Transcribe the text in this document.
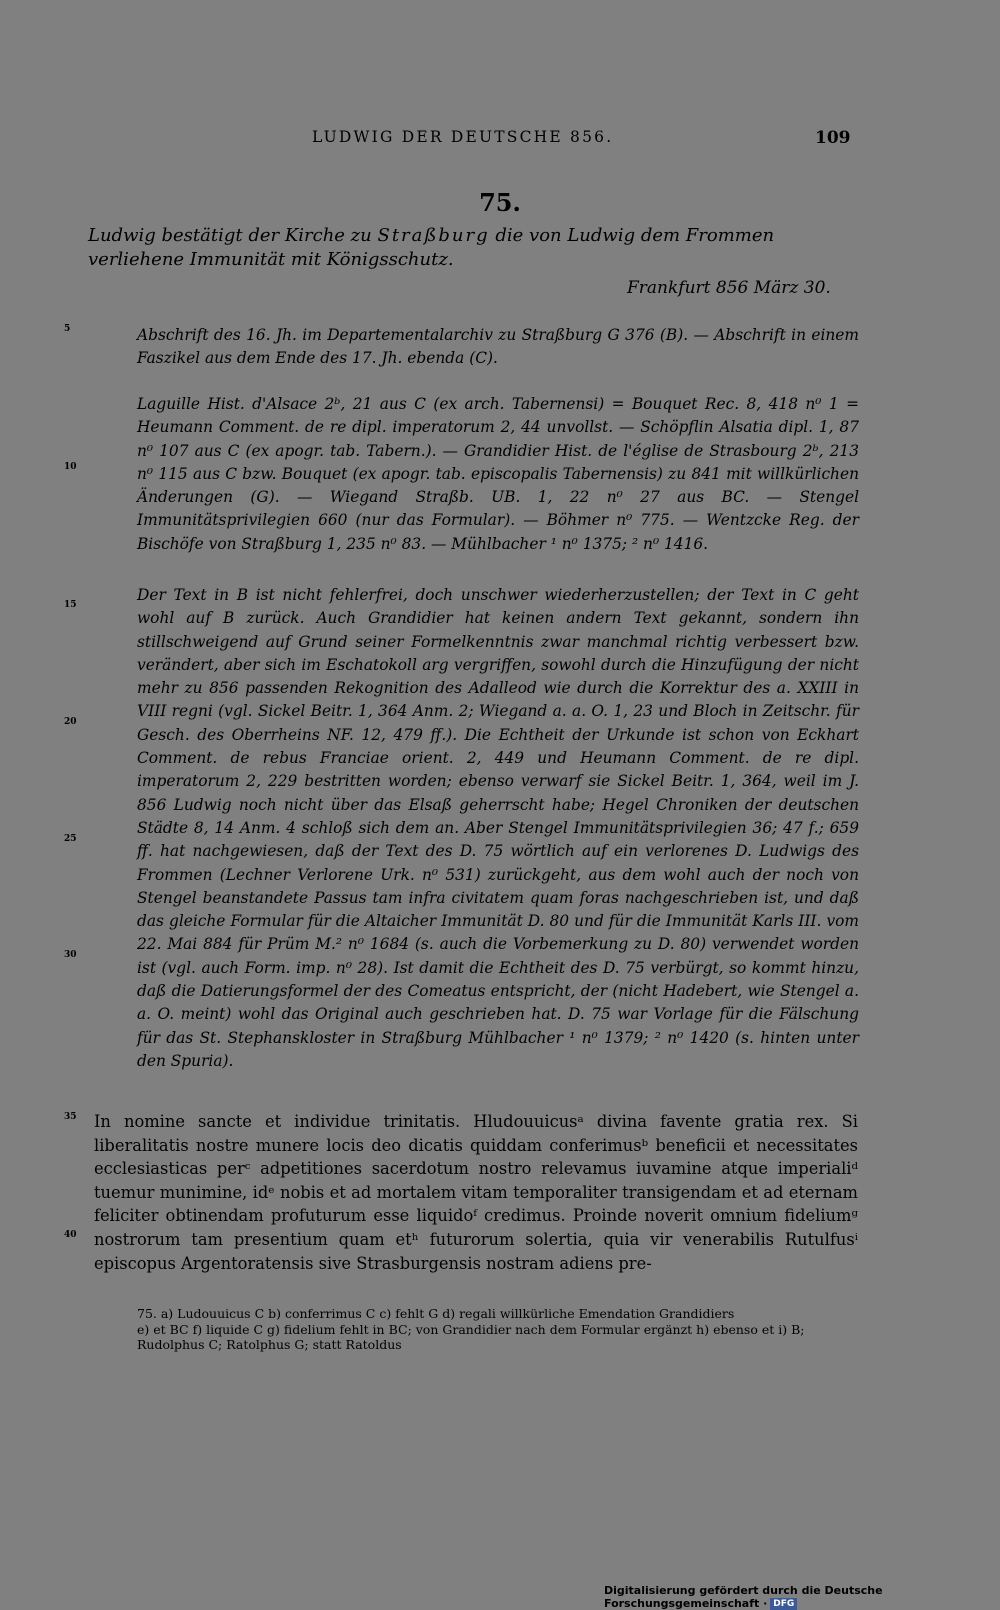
LUDWIG DER DEUTSCHE 856.	109
75.
Ludwig bestätigt der Kirche zu Straßburg die von Ludwig dem Frommen verliehene Immunität mit Königsschutz.
Frankfurt 856 März 30.
5
10
15
20
25
30
35
40

Abschrift des 16. Jh. im Departementalarchiv zu Straßburg G 376 (B). — Abschrift in einem Faszikel aus dem Ende des 17. Jh. ebenda (C).

Laguille Hist. d'Alsace 2ᵇ, 21 aus C (ex arch. Tabernensi) = Bouquet Rec. 8, 418 n⁰ 1 = Heumann Comment. de re dipl. imperatorum 2, 44 unvollst. — Schöpflin Alsatia dipl. 1, 87 n⁰ 107 aus C (ex apogr. tab. Tabern.). — Grandidier Hist. de l'église de Strasbourg 2ᵇ, 213 n⁰ 115 aus C bzw. Bouquet (ex apogr. tab. episcopalis Tabernensis) zu 841 mit willkürlichen Änderungen (G). — Wiegand Straßb. UB. 1, 22 n⁰ 27 aus BC. — Stengel Immunitätsprivilegien 660 (nur das Formular). — Böhmer n⁰ 775. — Wentzcke Reg. der Bischöfe von Straßburg 1, 235 n⁰ 83. — Mühlbacher ¹ n⁰ 1375; ² n⁰ 1416.

Der Text in B ist nicht fehlerfrei, doch unschwer wiederherzustellen; der Text in C geht wohl auf B zurück. Auch Grandidier hat keinen andern Text gekannt, sondern ihn stillschweigend auf Grund seiner Formelkenntnis zwar manchmal richtig verbessert bzw. verändert, aber sich im Eschatokoll arg vergriffen, sowohl durch die Hinzufügung der nicht mehr zu 856 passenden Rekognition des Adalleod wie durch die Korrektur des a. XXIII in VIII regni (vgl. Sickel Beitr. 1, 364 Anm. 2; Wiegand a. a. O. 1, 23 und Bloch in Zeitschr. für Gesch. des Oberrheins NF. 12, 479 ff.). Die Echtheit der Urkunde ist schon von Eckhart Comment. de rebus Franciae orient. 2, 449 und Heumann Comment. de re dipl. imperatorum 2, 229 bestritten worden; ebenso verwarf sie Sickel Beitr. 1, 364, weil im J. 856 Ludwig noch nicht über das Elsaß geherrscht habe; Hegel Chroniken der deutschen Städte 8, 14 Anm. 4 schloß sich dem an. Aber Stengel Immunitätsprivilegien 36; 47 f.; 659 ff. hat nachgewiesen, daß der Text des D. 75 wörtlich auf ein verlorenes D. Ludwigs des Frommen (Lechner Verlorene Urk. n⁰ 531) zurückgeht, aus dem wohl auch der noch von Stengel beanstandete Passus tam infra civitatem quam foras nachgeschrieben ist, und daß das gleiche Formular für die Altaicher Immunität D. 80 und für die Immunität Karls III. vom 22. Mai 884 für Prüm M.² n⁰ 1684 (s. auch die Vorbemerkung zu D. 80) verwendet worden ist (vgl. auch Form. imp. n⁰ 28). Ist damit die Echtheit des D. 75 verbürgt, so kommt hinzu, daß die Datierungsformel der des Comeatus entspricht, der (nicht Hadebert, wie Stengel a. a. O. meint) wohl das Original auch geschrieben hat. D. 75 war Vorlage für die Fälschung für das St. Stephanskloster in Straßburg Mühlbacher ¹ n⁰ 1379; ² n⁰ 1420 (s. hinten unter den Spuria).

In nomine sancte et individue trinitatis. Hludouuicusᵃ divina favente gratia rex. Si liberalitatis nostre munere locis deo dicatis quiddam conferimusᵇ beneficii et necessitates ecclesiasticas perᶜ adpetitiones sacerdotum nostro relevamus iuvamine atque imperialiᵈ tuemur munimine, idᵉ nobis et ad mortalem vitam temporaliter transigendam et ad eternam feliciter obtinendam profuturum esse liquidoᶠ credimus. Proinde noverit omnium fideliumᵍ nostrorum tam presentium quam etʰ futurorum solertia, quia vir venerabilis Rutulfusⁱ episcopus Argentoratensis sive Strasburgensis nostram adiens pre-

75. a) Ludouuicus C b) conferrimus C c) fehlt G d) regali willkürliche Emendation Grandidiers

e) et BC f) liquide C g) fidelium fehlt in BC; von Grandidier nach dem Formular ergänzt h) ebenso et i) B; Rudolphus C; Ratolphus G; statt Ratoldus

Digitalisierung gefördert durch die Deutsche Forschungsgemeinschaft · DFG
